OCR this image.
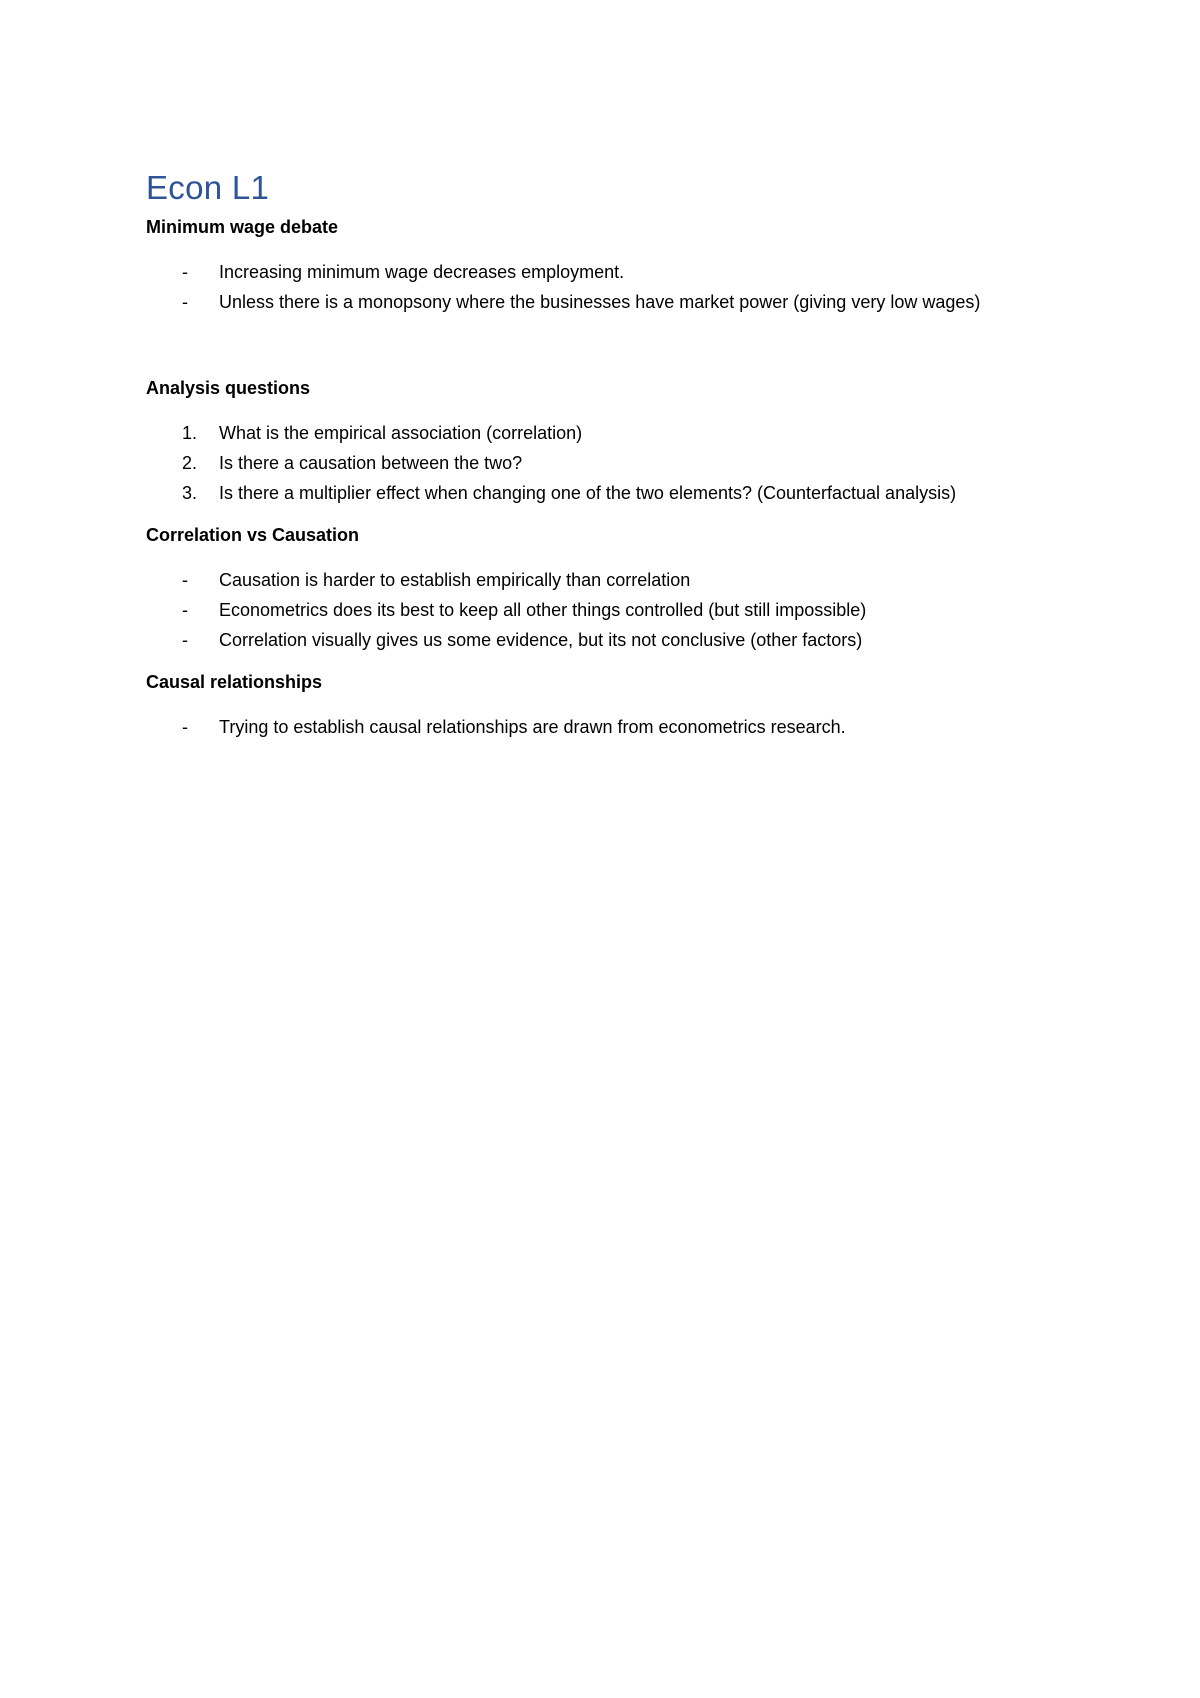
Econ L1
Minimum wage debate
-	Increasing minimum wage decreases employment.
-	Unless there is a monopsony where the businesses have market power (giving very low wages)
Analysis questions
1.	What is the empirical association (correlation)
2.	Is there a causation between the two?
3.	Is there a multiplier effect when changing one of the two elements? (Counterfactual analysis)
Correlation vs Causation
-	Causation is harder to establish empirically than correlation
-	Econometrics does its best to keep all other things controlled (but still impossible)
-	Correlation visually gives us some evidence, but its not conclusive (other factors)
Causal relationships
-	Trying to establish causal relationships are drawn from econometrics research.
